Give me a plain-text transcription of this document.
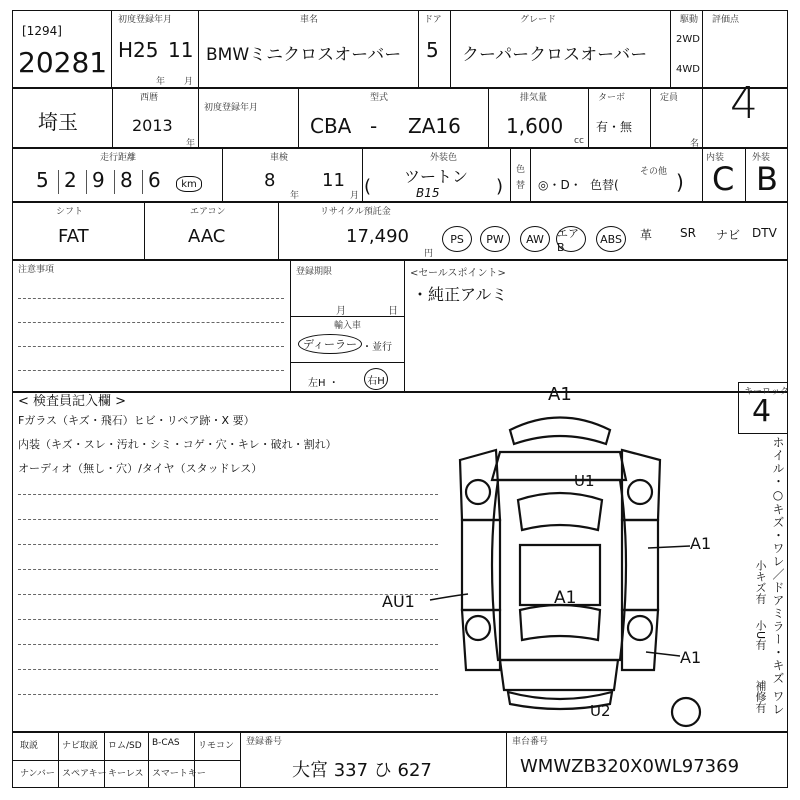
[1294]
20281
初度登録年月
H25 11
年 月
車名
BMWミニクロスオーバー
ドア
5
グレード
クーパークロスオーバー
駆動
2WD
4WD
評価点
埼玉
西暦
2013
年
初度登録年月
型式
CBA - ZA16
排気量
1,600
cc
ターボ
有・無
定員
名
4
走行距離
5 2 9 8 6 km
車検
8
年
11
月
外装色
ツートン
B15
(	)
色
替 ◎・D・ 色替(
その他 )
内装
C
外装
B
シフト
FAT
エアコン
AAC
リサイクル預託金
17,490
円
PS	PW	AW	エアB
ABS	革 SR ナビ DTV
注意事項	登録期限
月	日
輸入車
ディーラー ・並行
左H ・	右H
<セールスポイント>
・純正アルミ
< 検査員記入欄 >
Fガラス（キズ・飛石）ヒビ・リペア跡・X 要）
内装（キズ・スレ・汚れ・シミ・コゲ・穴・キレ・破れ・割れ）
オーディオ（無し・穴）/タイヤ（スタッドレス）
A1
U1
A1
AU1	A1
A1
U2
キーロック
4
ホイル・○キズ・ワレ／ドアミラー・キズ ワレ
小キズ有
小U有
補修有
取説	ナビ取説 ロム/SD B-CAS リモコン
ナンバー スペアキー キーレス スマートキー
登録番号
大宮 337 ひ 627
車台番号
WMWZB320X0WL97369
